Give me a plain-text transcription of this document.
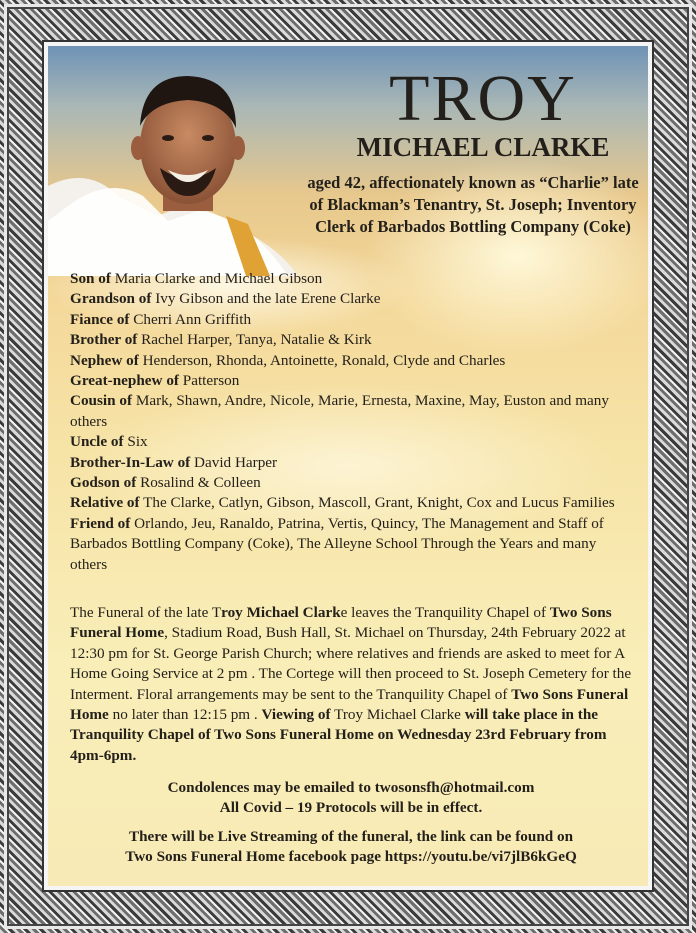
TROY
MICHAEL CLARKE
aged 42, affectionately known as “Charlie” late of Blackman’s Tenantry, St. Joseph; Inventory Clerk of Barbados Bottling Company (Coke)
Son of Maria Clarke and Michael Gibson
Grandson of Ivy Gibson and the late Erene Clarke
Fiance of Cherri Ann Griffith
Brother of Rachel Harper, Tanya, Natalie & Kirk
Nephew of Henderson, Rhonda, Antoinette, Ronald, Clyde and Charles
Great-nephew of Patterson
Cousin of Mark, Shawn, Andre, Nicole, Marie, Ernesta, Maxine, May, Euston and many others
Uncle of Six
Brother-In-Law of David Harper
Godson of Rosalind & Colleen
Relative of The Clarke, Catlyn, Gibson, Mascoll, Grant, Knight, Cox and Lucus Families
Friend of Orlando, Jeu, Ranaldo, Patrina, Vertis, Quincy, The Management and Staff of Barbados Bottling Company (Coke), The Alleyne School Through the Years and many others
The Funeral of the late Troy Michael Clarke leaves the Tranquility Chapel of Two Sons Funeral Home, Stadium Road, Bush Hall, St. Michael on Thursday, 24th February 2022 at 12:30 pm for St. George Parish Church; where relatives and friends are asked to meet for A Home Going Service at 2 pm . The Cortege will then proceed to St. Joseph Cemetery for the Interment. Floral arrangements may be sent to the Tranquility Chapel of Two Sons Funeral Home no later than 12:15 pm . Viewing of Troy Michael Clarke will take place in the Tranquility Chapel of Two Sons Funeral Home on Wednesday 23rd February from 4pm-6pm.
Condolences may be emailed to twosonsfh@hotmail.com
All Covid – 19 Protocols will be in effect.
There will be Live Streaming of the funeral, the link can be found on
Two Sons Funeral Home facebook page https://youtu.be/vi7jlB6kGeQ
